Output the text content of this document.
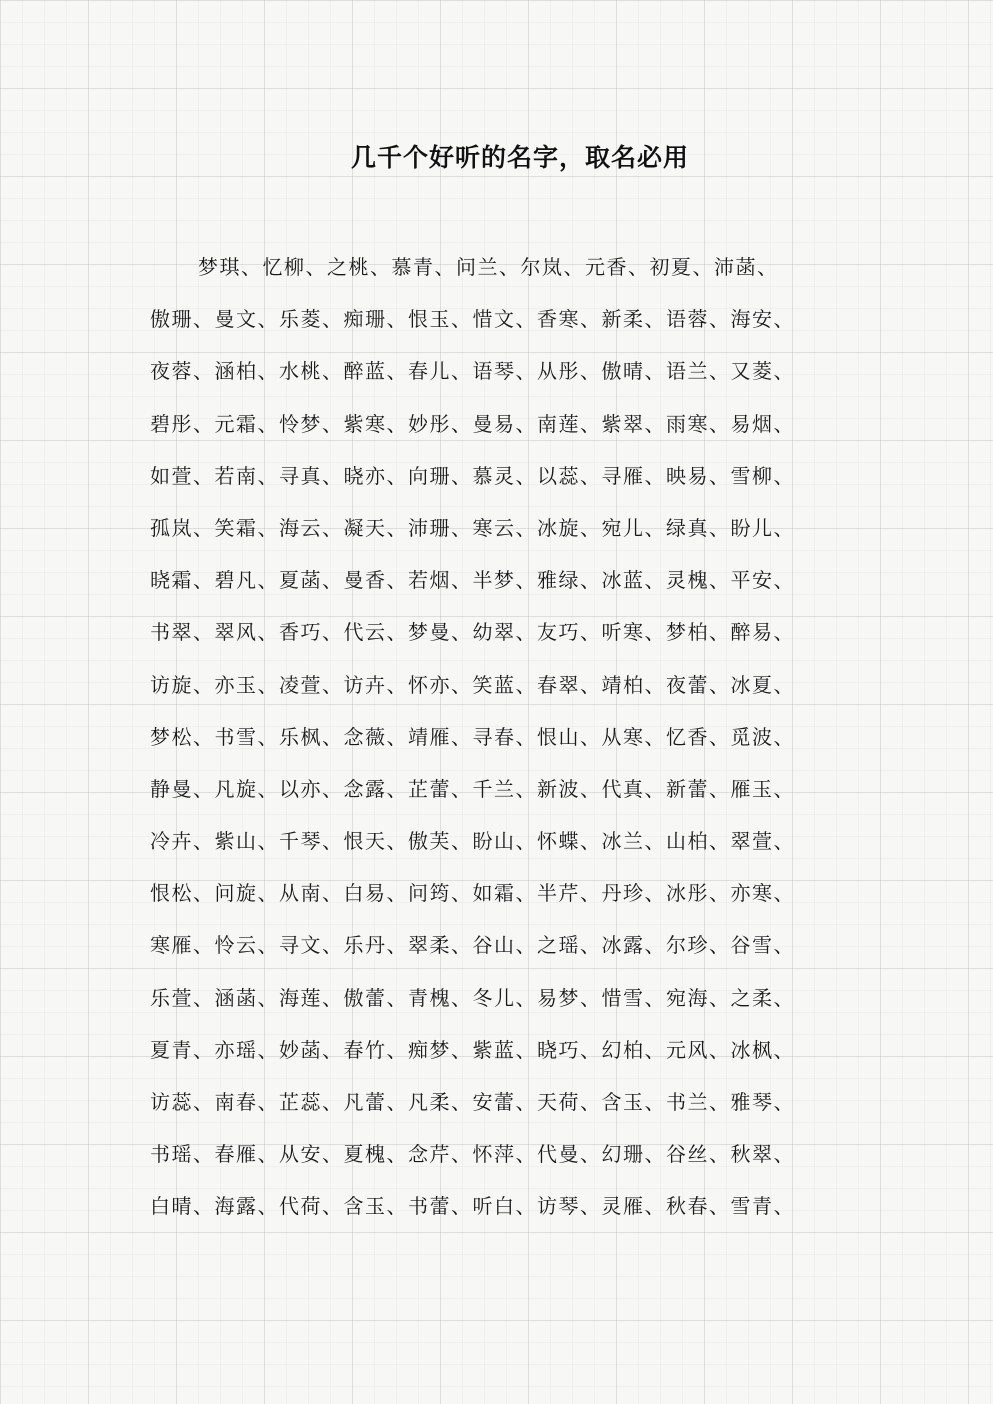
几千个好听的名字，取名必用
梦琪、忆柳、之桃、慕青、问兰、尔岚、元香、初夏、沛菡、
傲珊、曼文、乐菱、痴珊、恨玉、惜文、香寒、新柔、语蓉、海安、
夜蓉、涵柏、水桃、醉蓝、春儿、语琴、从彤、傲晴、语兰、又菱、
碧彤、元霜、怜梦、紫寒、妙彤、曼易、南莲、紫翠、雨寒、易烟、
如萱、若南、寻真、晓亦、向珊、慕灵、以蕊、寻雁、映易、雪柳、
孤岚、笑霜、海云、凝天、沛珊、寒云、冰旋、宛儿、绿真、盼儿、
晓霜、碧凡、夏菡、曼香、若烟、半梦、雅绿、冰蓝、灵槐、平安、
书翠、翠风、香巧、代云、梦曼、幼翠、友巧、听寒、梦柏、醉易、
访旋、亦玉、凌萱、访卉、怀亦、笑蓝、春翠、靖柏、夜蕾、冰夏、
梦松、书雪、乐枫、念薇、靖雁、寻春、恨山、从寒、忆香、觅波、
静曼、凡旋、以亦、念露、芷蕾、千兰、新波、代真、新蕾、雁玉、
冷卉、紫山、千琴、恨天、傲芙、盼山、怀蝶、冰兰、山柏、翠萱、
恨松、问旋、从南、白易、问筠、如霜、半芹、丹珍、冰彤、亦寒、
寒雁、怜云、寻文、乐丹、翠柔、谷山、之瑶、冰露、尔珍、谷雪、
乐萱、涵菡、海莲、傲蕾、青槐、冬儿、易梦、惜雪、宛海、之柔、
夏青、亦瑶、妙菡、春竹、痴梦、紫蓝、晓巧、幻柏、元风、冰枫、
访蕊、南春、芷蕊、凡蕾、凡柔、安蕾、天荷、含玉、书兰、雅琴、
书瑶、春雁、从安、夏槐、念芹、怀萍、代曼、幻珊、谷丝、秋翠、
白晴、海露、代荷、含玉、书蕾、听白、访琴、灵雁、秋春、雪青、
